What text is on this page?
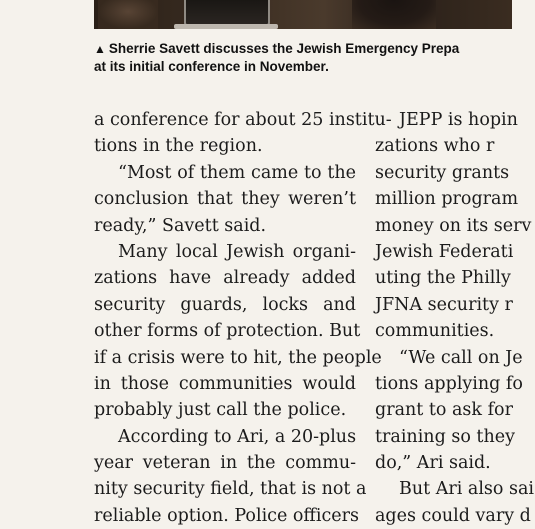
▲ Sherrie Savett discusses the Jewish Emergency Prepa
at its initial conference in November.
a conference for about 25 institu-
tions in the region.
“Most of them came to the
conclusion that they weren’t
ready,” Savett said.
Many local Jewish organi-
zations have already added
security guards, locks and
other forms of protection. But
if a crisis were to hit, the people
in those communities would
probably just call the police.
According to Ari, a 20-plus
year veteran in the commu-
nity security field, that is not a
reliable option. Police officers
JEPP is hopin
zations who r
security grants
million program
money on its serv
Jewish Federati
uting the Philly
JFNA security r
communities.
“We call on Je
tions applying fo
grant to ask for
training so they
do,” Ari said.
But Ari also sai
ages could vary d
